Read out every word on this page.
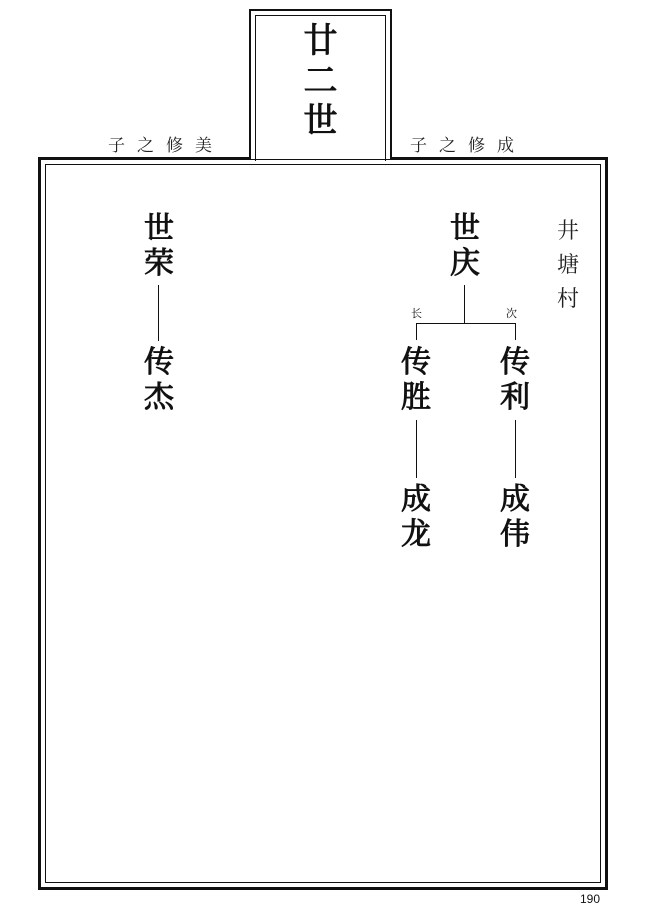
廿
二
世
子之修美	子之修成
井
塘
村
世
荣
传
杰
世
庆
长	次
传
胜
成
龙
传
利
成
伟
190
